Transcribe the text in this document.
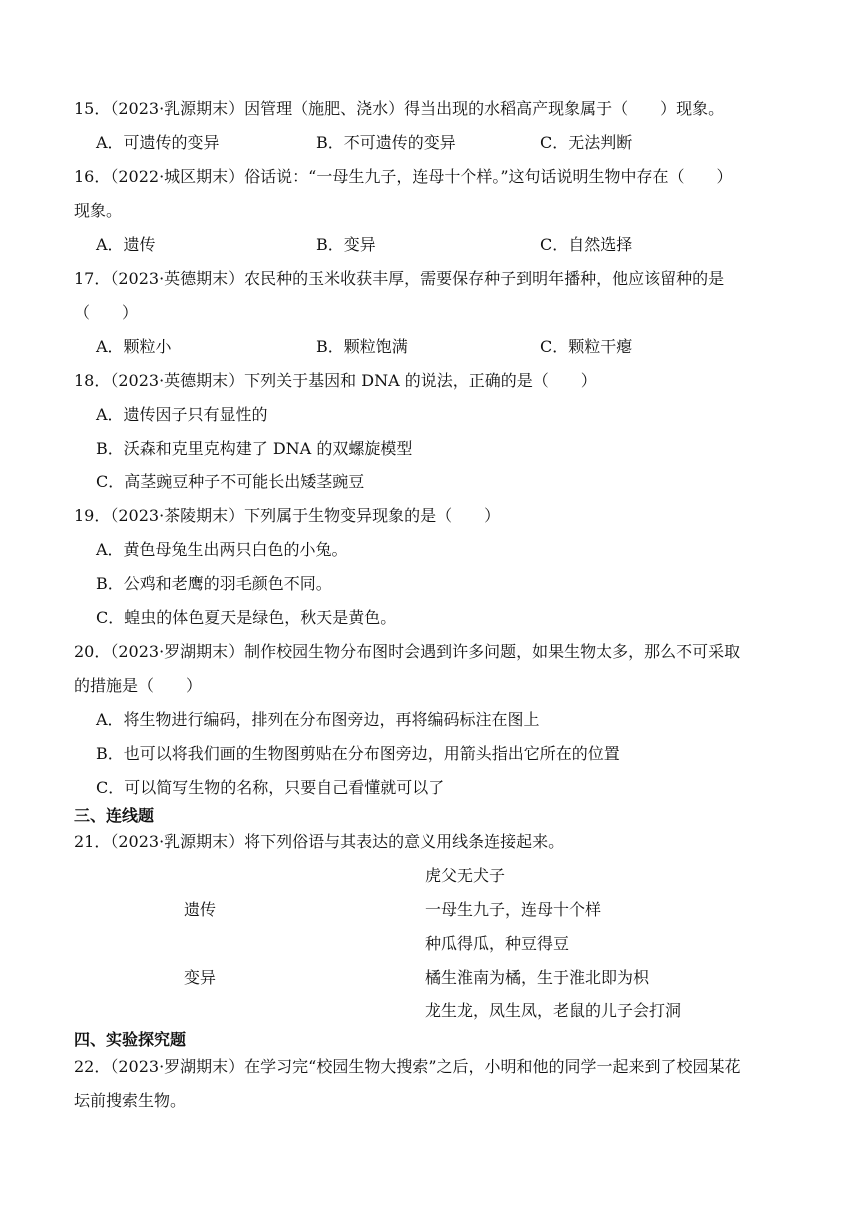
15．（2023·乳源期末）因管理（施肥、浇水）得当出现的水稻高产现象属于（　　）现象。
A．可遗传的变异	B．不可遗传的变异	C．无法判断
16．（2022·城区期末）俗话说：“一母生九子，连母十个样。”这句话说明生物中存在（　　）
现象。
A．遗传	B．变异	C．自然选择
17．（2023·英德期末）农民种的玉米收获丰厚，需要保存种子到明年播种，他应该留种的是
（　　）
A．颗粒小	B．颗粒饱满	C．颗粒干瘪
18．（2023·英德期末）下列关于基因和 DNA 的说法，正确的是（　　）
A．遗传因子只有显性的
B．沃森和克里克构建了 DNA 的双螺旋模型
C．高茎豌豆种子不可能长出矮茎豌豆
19．（2023·茶陵期末）下列属于生物变异现象的是（　　）
A．黄色母兔生出两只白色的小兔。
B．公鸡和老鹰的羽毛颜色不同。
C．蝗虫的体色夏天是绿色，秋天是黄色。
20．（2023·罗湖期末）制作校园生物分布图时会遇到许多问题，如果生物太多，那么不可采取
的措施是（　　）
A．将生物进行编码，排列在分布图旁边，再将编码标注在图上
B．也可以将我们画的生物图剪贴在分布图旁边，用箭头指出它所在的位置
C．可以简写生物的名称，只要自己看懂就可以了
三、连线题
21．（2023·乳源期末）将下列俗语与其表达的意义用线条连接起来。
虎父无犬子
遗传	一母生九子，连母十个样
种瓜得瓜，种豆得豆
变异	橘生淮南为橘，生于淮北即为枳
龙生龙，凤生凤，老鼠的儿子会打洞
四、实验探究题
22．（2023·罗湖期末）在学习完“校园生物大搜索”之后，小明和他的同学一起来到了校园某花
坛前搜索生物。
